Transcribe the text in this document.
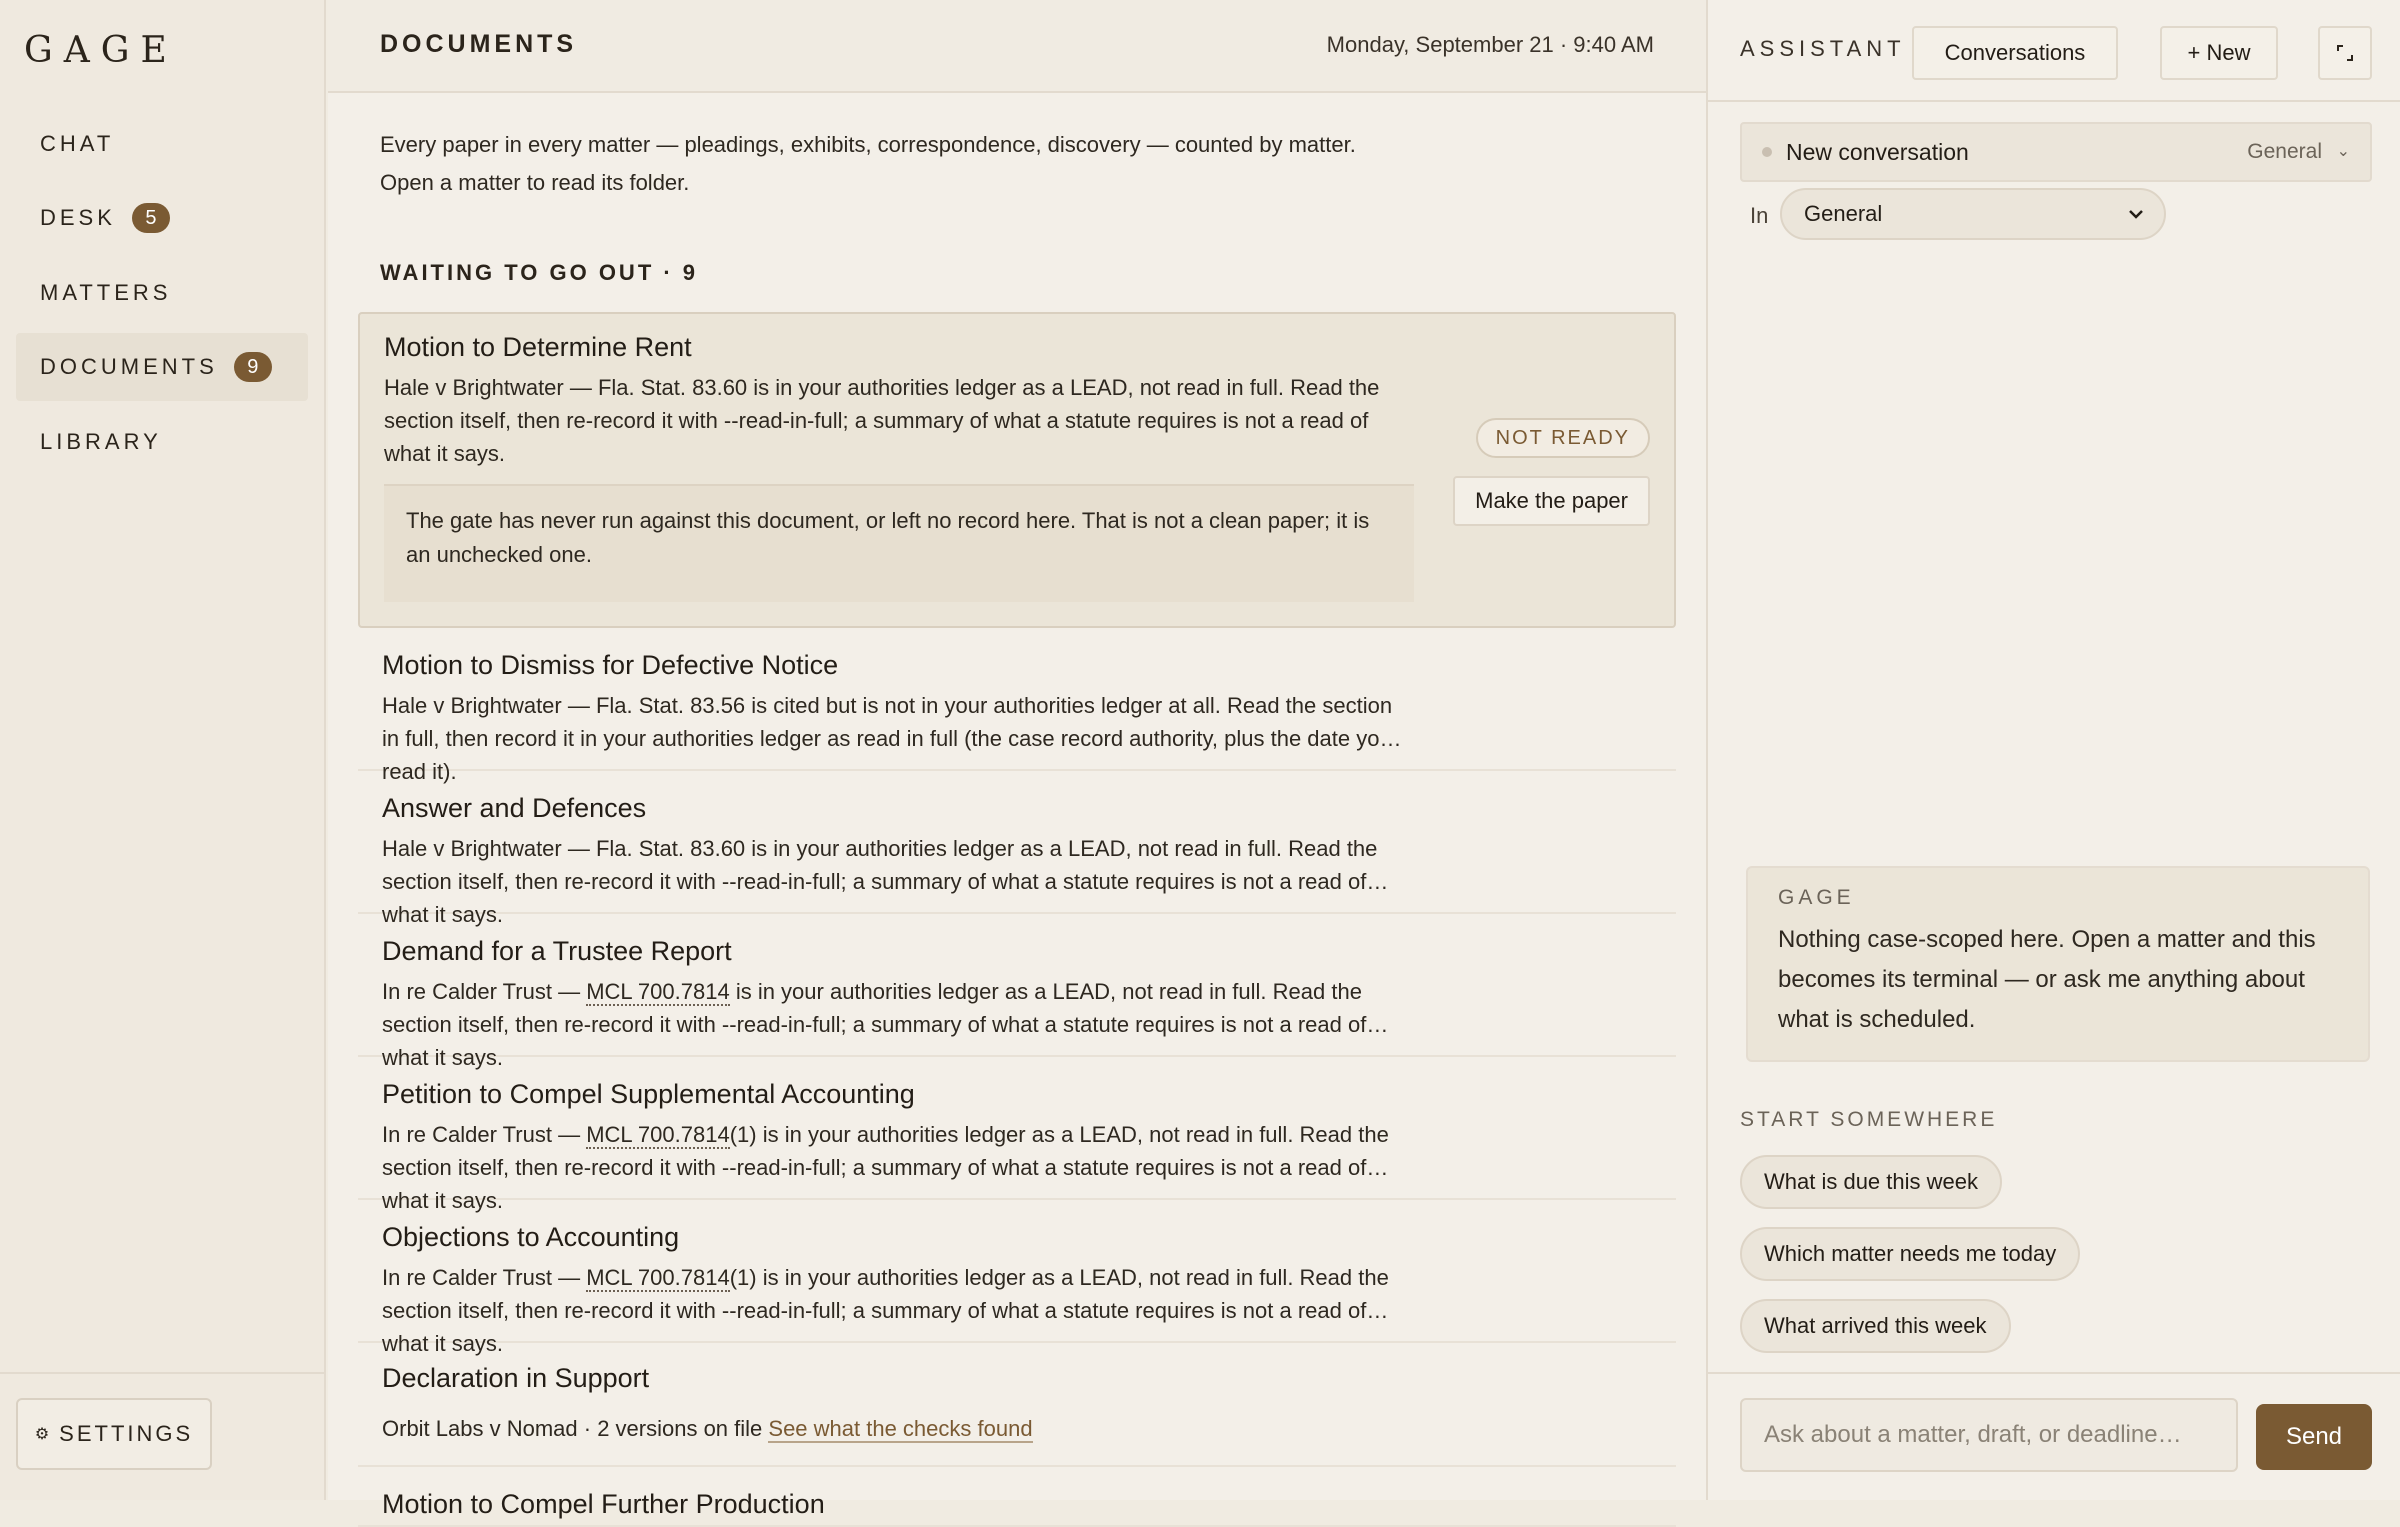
GAGE
CHAT
DESK	5
MATTERS
DOCUMENTS	9
LIBRARY
⚙ SETTINGS
DOCUMENTS	Monday, September 21 · 9:40 AM
Every paper in every matter — pleadings, exhibits, correspondence, discovery — counted by matter.
Open a matter to read its folder.
WAITING TO GO OUT · 9
Motion to Determine Rent
Hale v Brightwater — Fla. Stat. 83.60 is in your authorities ledger as a LEAD, not read in full. Read the section itself, then re-record it with --read-in-full; a summary of what a statute requires is not a read of what it says.
The gate has never run against this document, or left no record here. That is not a clean paper; it is an unchecked one.
NOT READY
Make the paper
Motion to Dismiss for Defective Notice
Hale v Brightwater — Fla. Stat. 83.56 is cited but is not in your authorities ledger at all. Read the section in full, then record it in your authorities ledger as read in full (the case record authority, plus the date you read it).
Answer and Defences
Hale v Brightwater — Fla. Stat. 83.60 is in your authorities ledger as a LEAD, not read in full. Read the section itself, then re-record it with --read-in-full; a summary of what a statute requires is not a read of what it says.
Demand for a Trustee Report
In re Calder Trust — MCL 700.7814 is in your authorities ledger as a LEAD, not read in full. Read the section itself, then re-record it with --read-in-full; a summary of what a statute requires is not a read of what it says.
Petition to Compel Supplemental Accounting
In re Calder Trust — MCL 700.7814(1) is in your authorities ledger as a LEAD, not read in full. Read the section itself, then re-record it with --read-in-full; a summary of what a statute requires is not a read of what it says.
Objections to Accounting
In re Calder Trust — MCL 700.7814(1) is in your authorities ledger as a LEAD, not read in full. Read the section itself, then re-record it with --read-in-full; a summary of what a statute requires is not a read of what it says.
Declaration in Support
Orbit Labs v Nomad · 2 versions on file See what the checks found
Motion to Compel Further Production
ASSISTANT	Conversations	+ New
New conversation	General ⌄
In General
GAGE
Nothing case-scoped here. Open a matter and this becomes its terminal — or ask me anything about what is scheduled.
START SOMEWHERE
What is due this week
Which matter needs me today
What arrived this week
Ask about a matter, draft, or deadline…
Send
